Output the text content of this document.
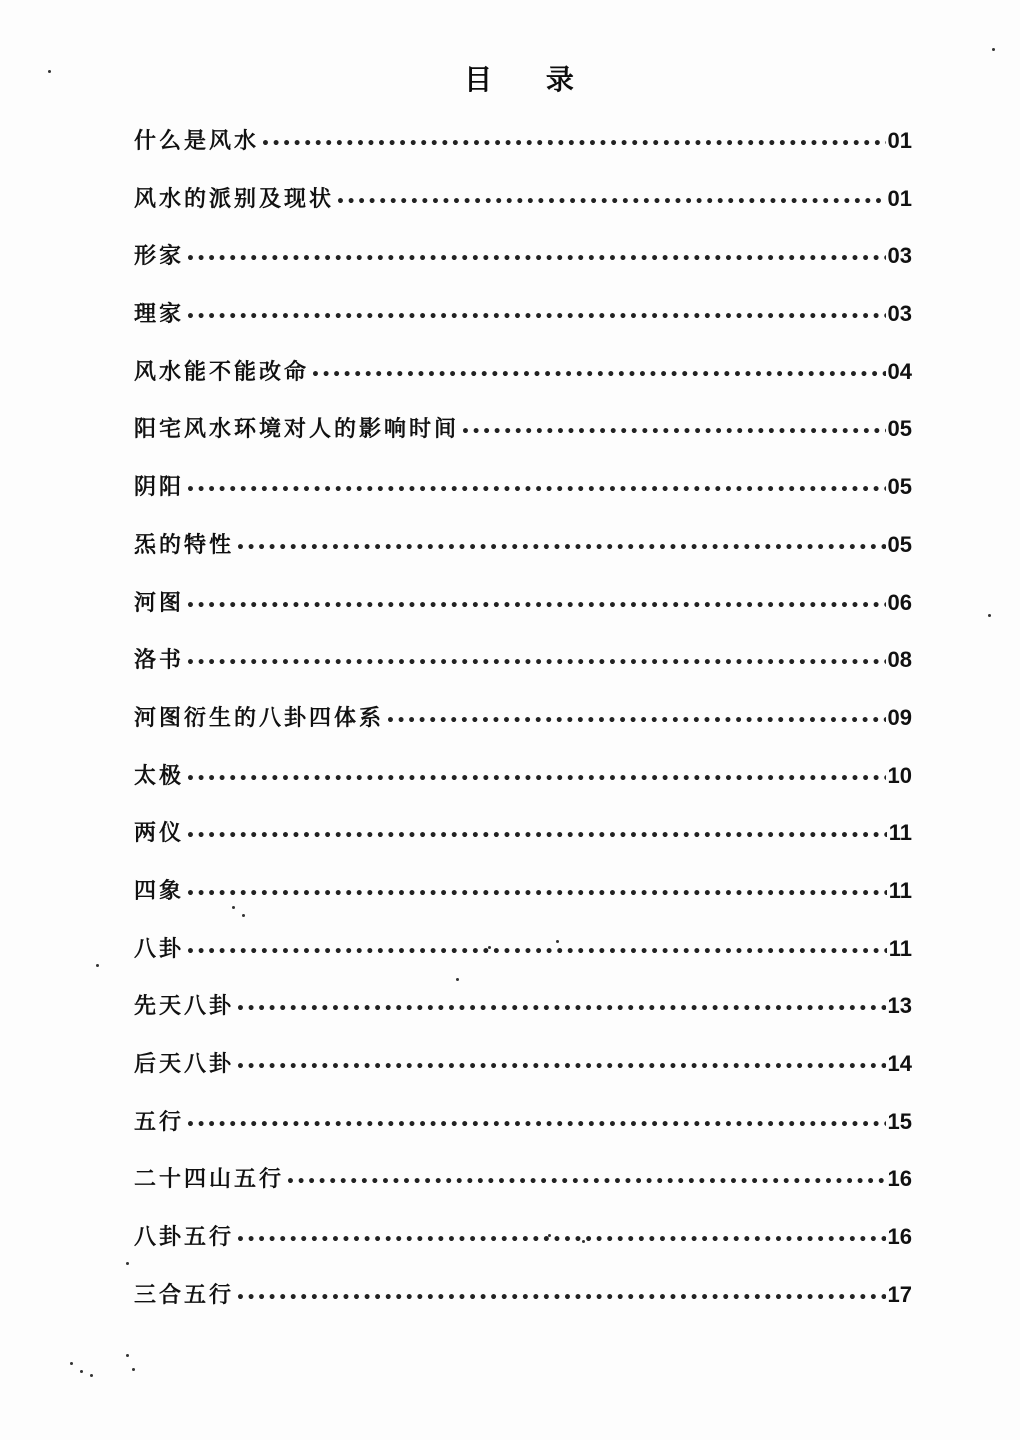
目 录
什么是风水 •••••	01
风水的派别及现状 •••••	01
形家 •••••	03
理家 •••••	03
风水能不能改命 •••••	04
阳宅风水环境对人的影响时间 •••••	05
阴阳 •••••	05
炁的特性 •••••	05
河图 •••••	06
洛书 •••••	08
河图衍生的八卦四体系 •••••	09
太极 •••••	10
两仪 •••••	11
四象 •••••	11
八卦 •••••	11
先天八卦 •••••	13
后天八卦 •••••	14
五行 •••••	15
二十四山五行 •••••	16
八卦五行 •••••	16
三合五行 •••••	17
